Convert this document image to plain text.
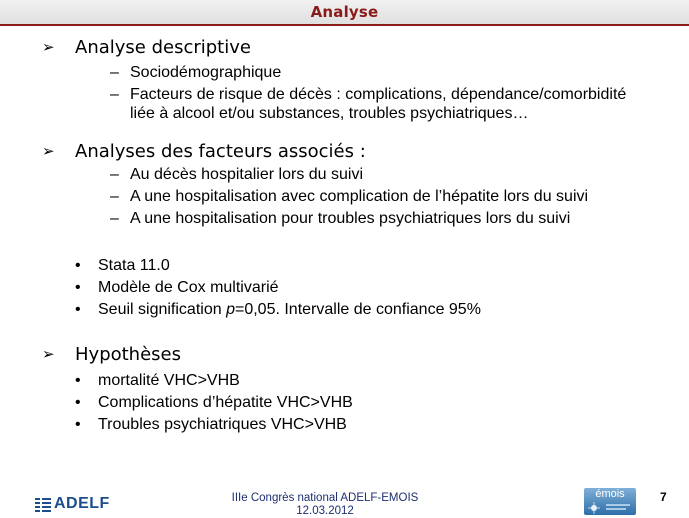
Analyse
➢ Analyse descriptive
– Sociodémographique
– Facteurs de risque de décès : complications, dépendance/comorbidité
liée à alcool et/ou substances, troubles psychiatriques…
➢ Analyses des facteurs associés :
– Au décès hospitalier lors du suivi
– A une hospitalisation avec complication de l’hépatite lors du suivi
– A une hospitalisation pour troubles psychiatriques lors du suivi
• Stata 11.0
• Modèle de Cox multivarié
• Seuil signification p=0,05. Intervalle de confiance 95%
➢ Hypothèses
• mortalité VHC>VHB
• Complications d’hépatite VHC>VHB
• Troubles psychiatriques VHC>VHB
ADELF	IIIe Congrès national ADELF-EMOIS
12.03.2012
émois	7
